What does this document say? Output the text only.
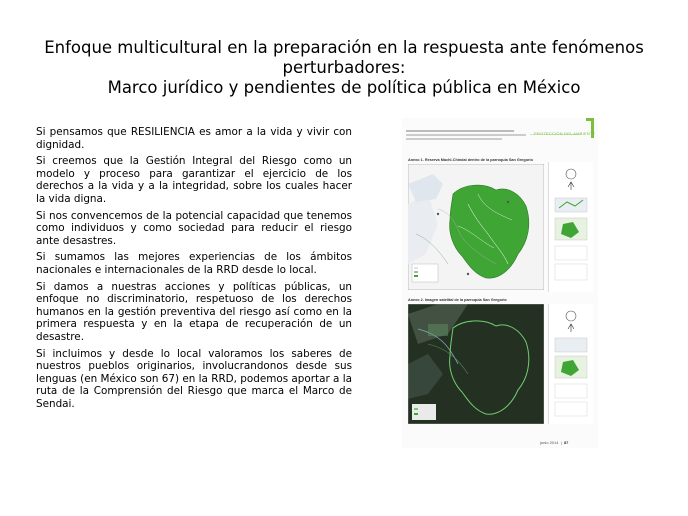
Enfoque multicultural en la preparación en la respuesta ante fenómenos
perturbadores:
Marco jurídico y pendientes de política pública en México

Si pensamos que RESILIENCIA es amor a la vida y vivir con dignidad.

Si creemos que la Gestión Integral del Riesgo como un modelo y proceso para garantizar el ejercicio de los derechos a la vida y a la integridad, sobre los cuales hacer la vida digna.

Si nos convencemos de la potencial capacidad que tenemos como individuos y como sociedad para reducir el riesgo ante desastres.

Si sumamos las mejores experiencias de los ámbitos nacionales e internacionales de la RRD desde lo local.

Si damos a nuestras acciones y políticas públicas, un enfoque no discriminatorio, respetuoso de los derechos humanos en la gestión preventiva del riesgo así como en la primera respuesta y en la etapa de recuperación de un desastre.

Si incluimos y desde lo local valoramos los saberes de nuestros pueblos originarios, involucrandonos desde sus lenguas (en México son 67) en la RRD, podemos aportar a la ruta de la Comprensión del Riesgo que marca el Marco de Sendai.

PROTECCIÓN DEL AMBIENTE
Anexo 1. Reserva Machi-Chindal dentro de la parroquia San Gregorio
Anexo 2. Imagen satelital de la parroquia San Gregorio
junio 2014  |  87
